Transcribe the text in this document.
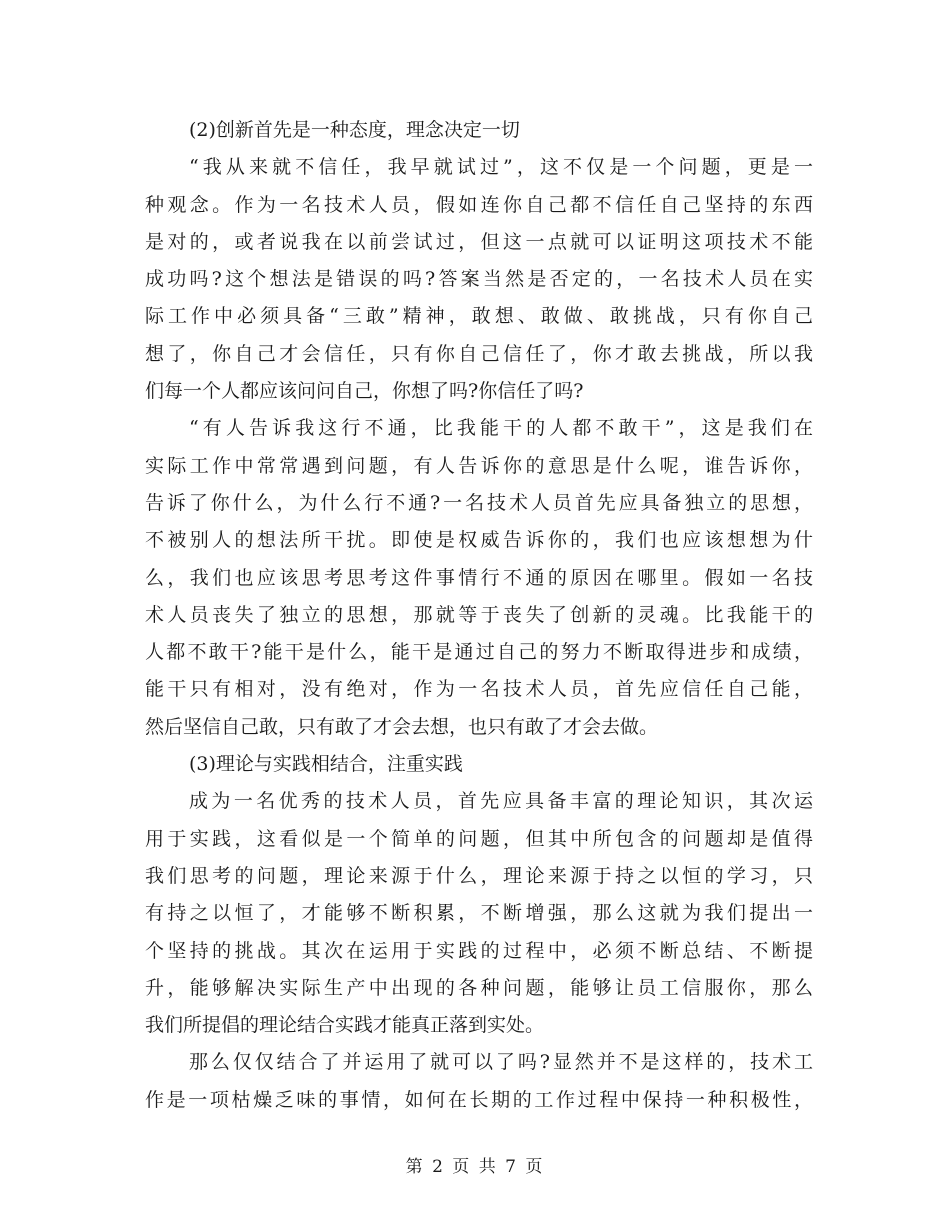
(2)创新首先是一种态度，理念决定一切
“我从来就不信任，我早就试过”，这不仅是一个问题，更是一
种观念。作为一名技术人员，假如连你自己都不信任自己坚持的东西
是对的，或者说我在以前尝试过，但这一点就可以证明这项技术不能
成功吗?这个想法是错误的吗?答案当然是否定的，一名技术人员在实
际工作中必须具备“三敢”精神，敢想、敢做、敢挑战，只有你自己
想了，你自己才会信任，只有你自己信任了，你才敢去挑战，所以我
们每一个人都应该问问自己，你想了吗?你信任了吗?
“有人告诉我这行不通，比我能干的人都不敢干”，这是我们在
实际工作中常常遇到问题，有人告诉你的意思是什么呢，谁告诉你，
告诉了你什么，为什么行不通?一名技术人员首先应具备独立的思想，
不被别人的想法所干扰。即使是权威告诉你的，我们也应该想想为什
么，我们也应该思考思考这件事情行不通的原因在哪里。假如一名技
术人员丧失了独立的思想，那就等于丧失了创新的灵魂。比我能干的
人都不敢干?能干是什么，能干是通过自己的努力不断取得进步和成绩，
能干只有相对，没有绝对，作为一名技术人员，首先应信任自己能，
然后坚信自己敢，只有敢了才会去想，也只有敢了才会去做。
(3)理论与实践相结合，注重实践
成为一名优秀的技术人员，首先应具备丰富的理论知识，其次运
用于实践，这看似是一个简单的问题，但其中所包含的问题却是值得
我们思考的问题，理论来源于什么，理论来源于持之以恒的学习，只
有持之以恒了，才能够不断积累，不断增强，那么这就为我们提出一
个坚持的挑战。其次在运用于实践的过程中，必须不断总结、不断提
升，能够解决实际生产中出现的各种问题，能够让员工信服你，那么
我们所提倡的理论结合实践才能真正落到实处。
那么仅仅结合了并运用了就可以了吗?显然并不是这样的，技术工
作是一项枯燥乏味的事情，如何在长期的工作过程中保持一种积极性，
第 2 页 共 7 页
